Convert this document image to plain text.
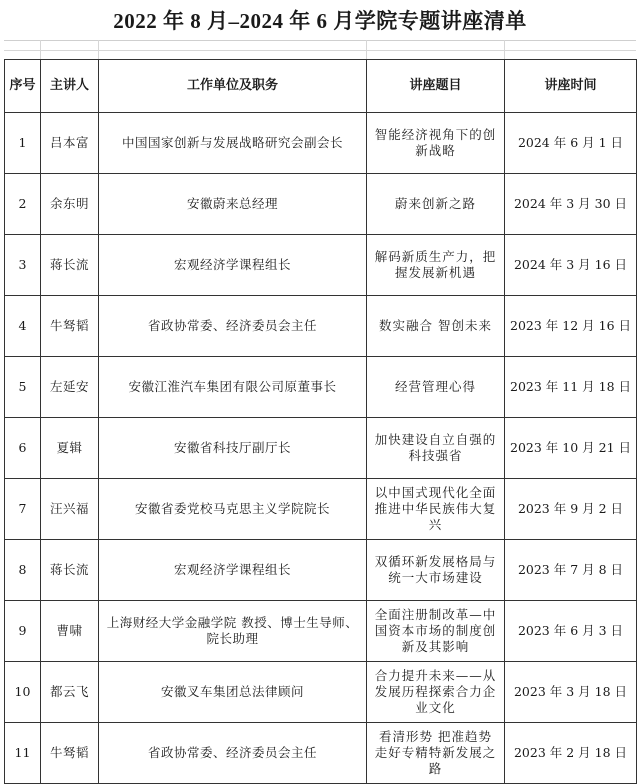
2022 年 8 月–2024 年 6 月学院专题讲座清单
序号	主讲人	工作单位及职务	讲座题目	讲座时间
1	吕本富	中国国家创新与发展战略研究会副会长	智能经济视角下的创新战略	2024 年 6 月 1 日
2	余东明	安徽蔚来总经理	蔚来创新之路	2024 年 3 月 30 日
3	蒋长流	宏观经济学课程组长	解码新质生产力，把握发展新机遇	2024 年 3 月 16 日
4	牛驽韬	省政协常委、经济委员会主任	数实融合 智创未来	2023 年 12 月 16 日
5	左延安	安徽江淮汽车集团有限公司原董事长	经营管理心得	2023 年 11 月 18 日
6	夏辑	安徽省科技厅副厅长	加快建设自立自强的科技强省	2023 年 10 月 21 日
7	汪兴福	安徽省委党校马克思主义学院院长	以中国式现代化全面推进中华民族伟大复兴	2023 年 9 月 2 日
8	蒋长流	宏观经济学课程组长	双循环新发展格局与统一大市场建设	2023 年 7 月 8 日
9	曹啸	上海财经大学金融学院 教授、博士生导师、院长助理	全面注册制改革—中国资本市场的制度创新及其影响	2023 年 6 月 3 日
10	都云飞	安徽叉车集团总法律顾问	合力提升未来——从发展历程探索合力企业文化	2023 年 3 月 18 日
11	牛驽韬	省政协常委、经济委员会主任	看清形势 把准趋势 走好专精特新发展之路	2023 年 2 月 18 日
